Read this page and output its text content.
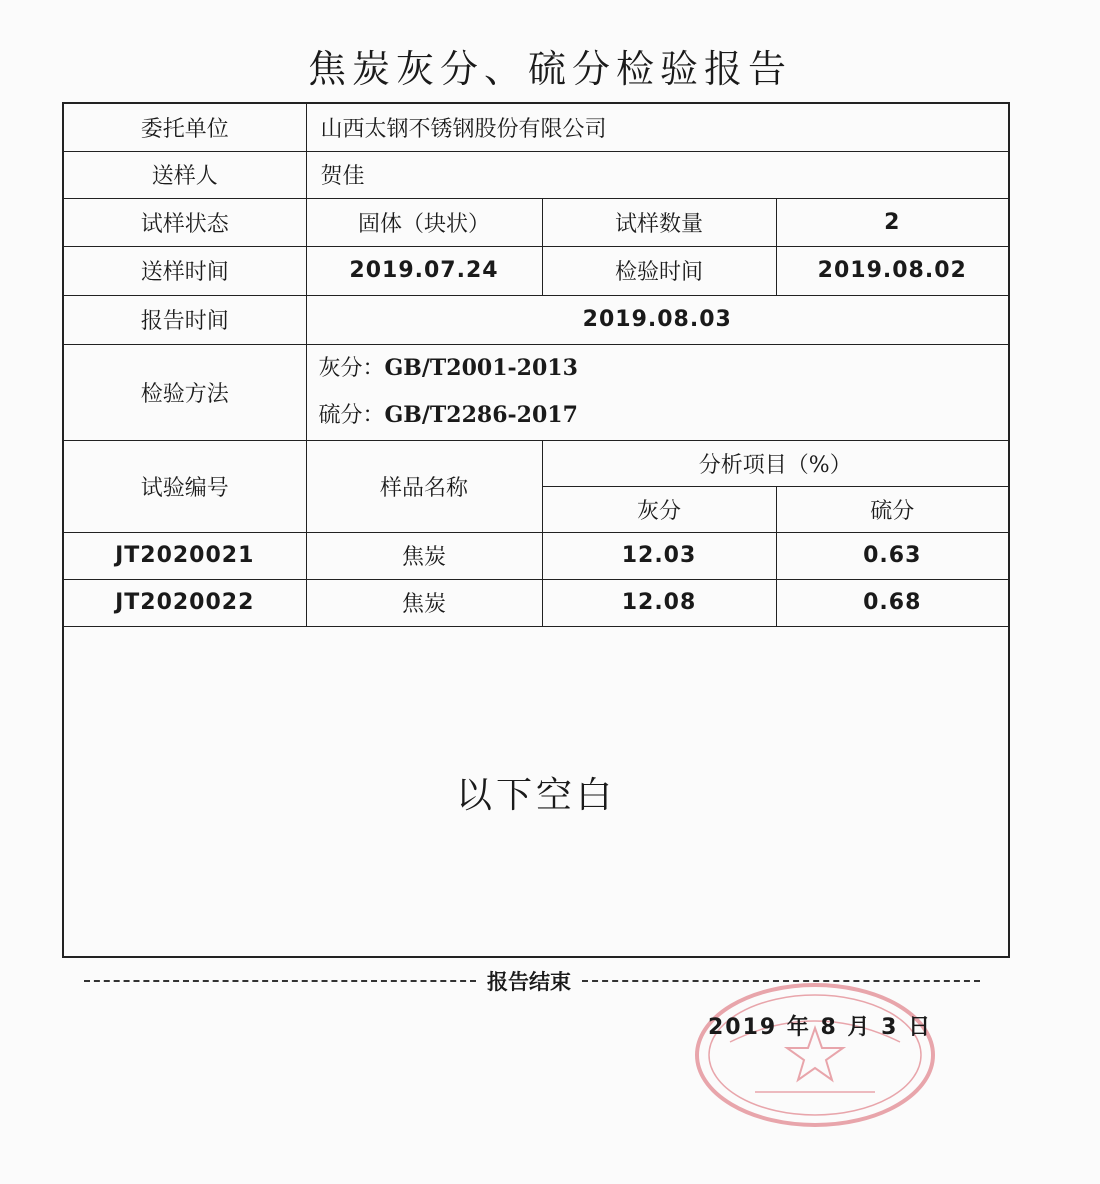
焦炭灰分、硫分检验报告
委托单位	山西太钢不锈钢股份有限公司		
送样人	贺佳		
试样状态	固体（块状）	试样数量	2
送样时间	2019.07.24	检验时间	2019.08.02
报告时间	2019.08.03		
检验方法	灰分：GB/T2001-2013
硫分：GB/T2286-2017		

试验编号	样品名称	分析项目（%）	
		灰分	硫分
JT2020021	焦炭	12.03	0.63
JT2020022	焦炭	12.08	0.68
以下空白
报告结束
2019 年 8 月 3 日
